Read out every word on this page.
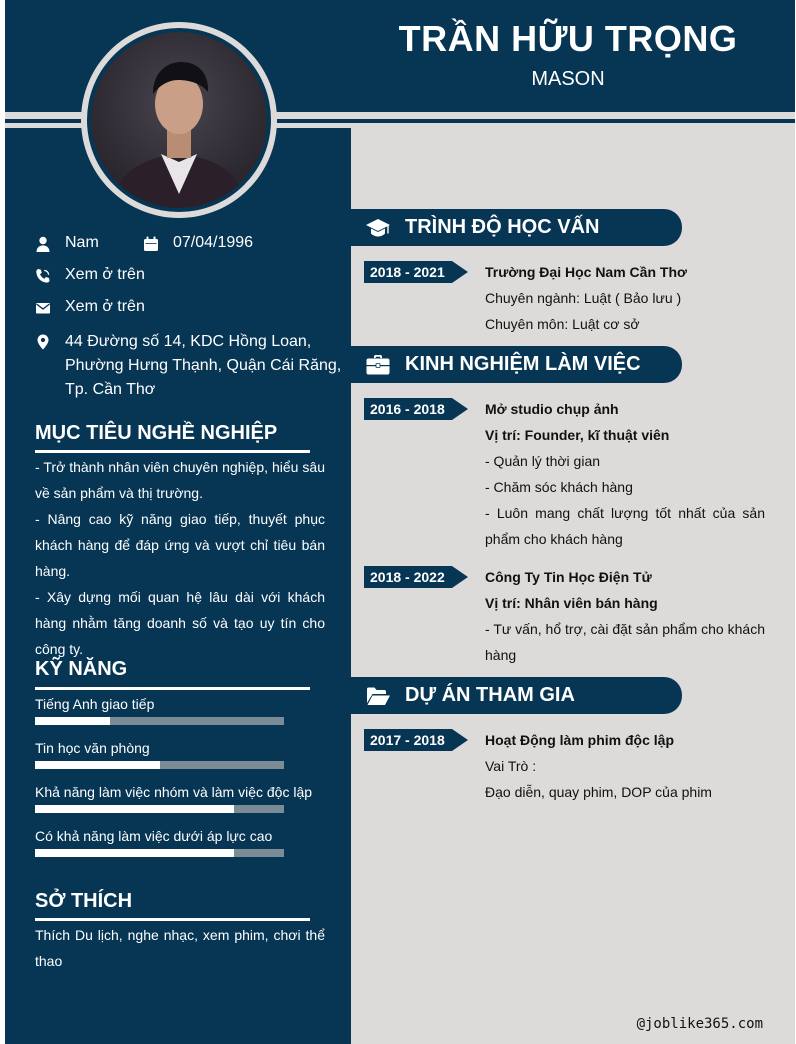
TRẦN HỮU TRỌNG
MASON
Nam	07/04/1996
Xem ở trên
Xem ở trên
44 Đường số 14, KDC Hồng Loan,
Phường Hưng Thạnh, Quận Cái Răng,
Tp. Cần Thơ
MỤC TIÊU NGHỀ NGHIỆP
- Trở thành nhân viên chuyên nghiệp, hiểu sâu về sản phẩm và thị trường.
- Nâng cao kỹ năng giao tiếp, thuyết phục khách hàng để đáp ứng và vượt chỉ tiêu bán hàng.
- Xây dựng mối quan hệ lâu dài với khách hàng nhằm tăng doanh số và tạo uy tín cho công ty.
KỸ NĂNG
Tiếng Anh giao tiếp
Tin học văn phòng
Khả năng làm việc nhóm và làm việc độc lập
Có khả năng làm việc dưới áp lực cao
SỞ THÍCH
Thích Du lịch, nghe nhạc, xem phim, chơi thể thao
TRÌNH ĐỘ HỌC VẤN
2018 - 2021	Trường Đại Học Nam Cần Thơ
Chuyên ngành: Luật ( Bảo lưu )
Chuyên môn: Luật cơ sở
KINH NGHIỆM LÀM VIỆC
2016 - 2018	Mở studio chụp ảnh
Vị trí: Founder, kĩ thuật viên
- Quản lý thời gian
- Chăm sóc khách hàng
- Luôn mang chất lượng tốt nhất của sản phẩm cho khách hàng
2018 - 2022	Công Ty Tin Học Điện Tử
Vị trí: Nhân viên bán hàng
- Tư vấn, hổ trợ, cài đặt sản phẩm cho khách hàng
DỰ ÁN THAM GIA
2017 - 2018	Hoạt Động làm phim độc lập
Vai Trò :
Đạo diễn, quay phim, DOP của phim
@joblike365.com
